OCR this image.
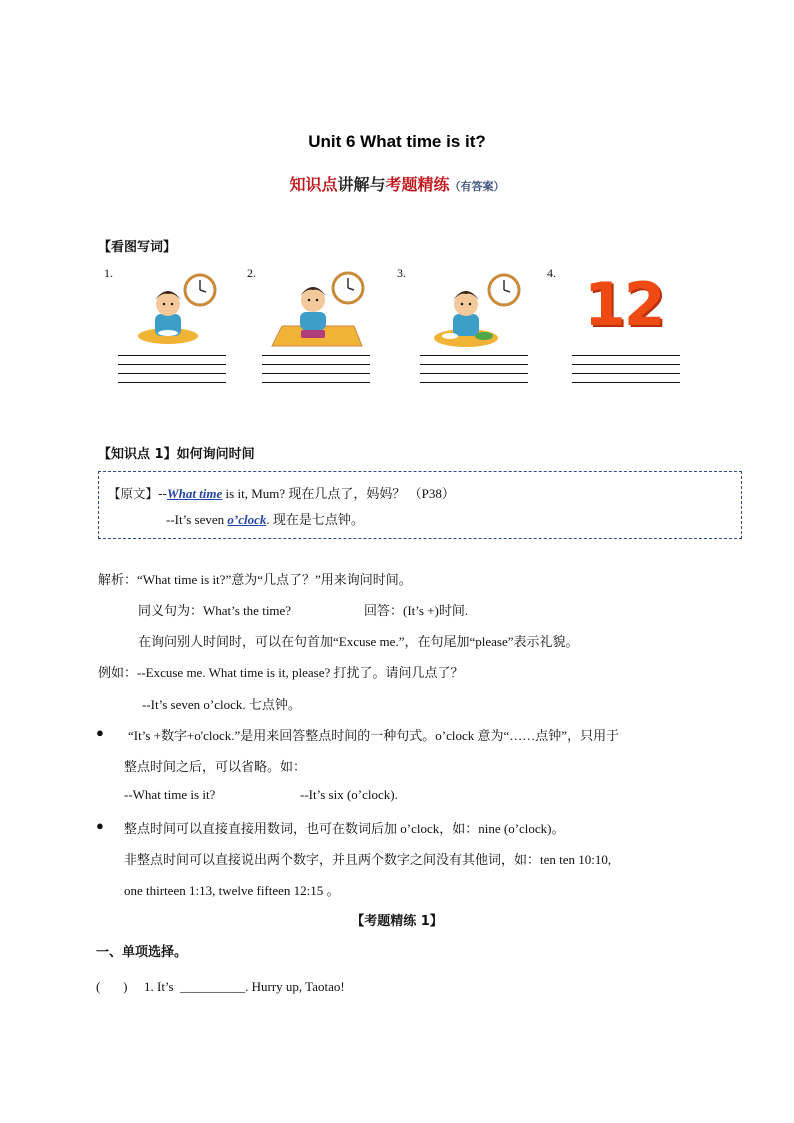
Unit 6 What time is it?
知识点讲解与考题精练（有答案）
【看图写词】
1.	2.	3.	4. 12
【知识点 1】如何询问时间
【原文】--What time is it, Mum? 现在几点了，妈妈？ （P38）
--It’s seven o’clock. 现在是七点钟。
解析：“What time is it?”意为“几点了？”用来询问时间。
同义句为：What’s the time?	回答：(It’s +)时间.
在询问别人时间时，可以在句首加“Excuse me.”，在句尾加“please”表示礼貌。
例如：--Excuse me. What time is it, please? 打扰了。请问几点了？
--It’s seven o’clock. 七点钟。
● “It’s +数字+o'clock.”是用来回答整点时间的一种句式。o’clock 意为“……点钟”，只用于
整点时间之后，可以省略。如：
--What time is it?	--It’s six (o’clock).
● 整点时间可以直接直接用数词，也可在数词后加 o’clock，如：nine (o’clock)。
非整点时间可以直接说出两个数字，并且两个数字之间没有其他词，如：ten ten 10:10,
one thirteen 1:13, twelve fifteen 12:15 。
【考题精练 1】
一、单项选择。
(       ) 1. It’s  __________. Hurry up, Taotao!
